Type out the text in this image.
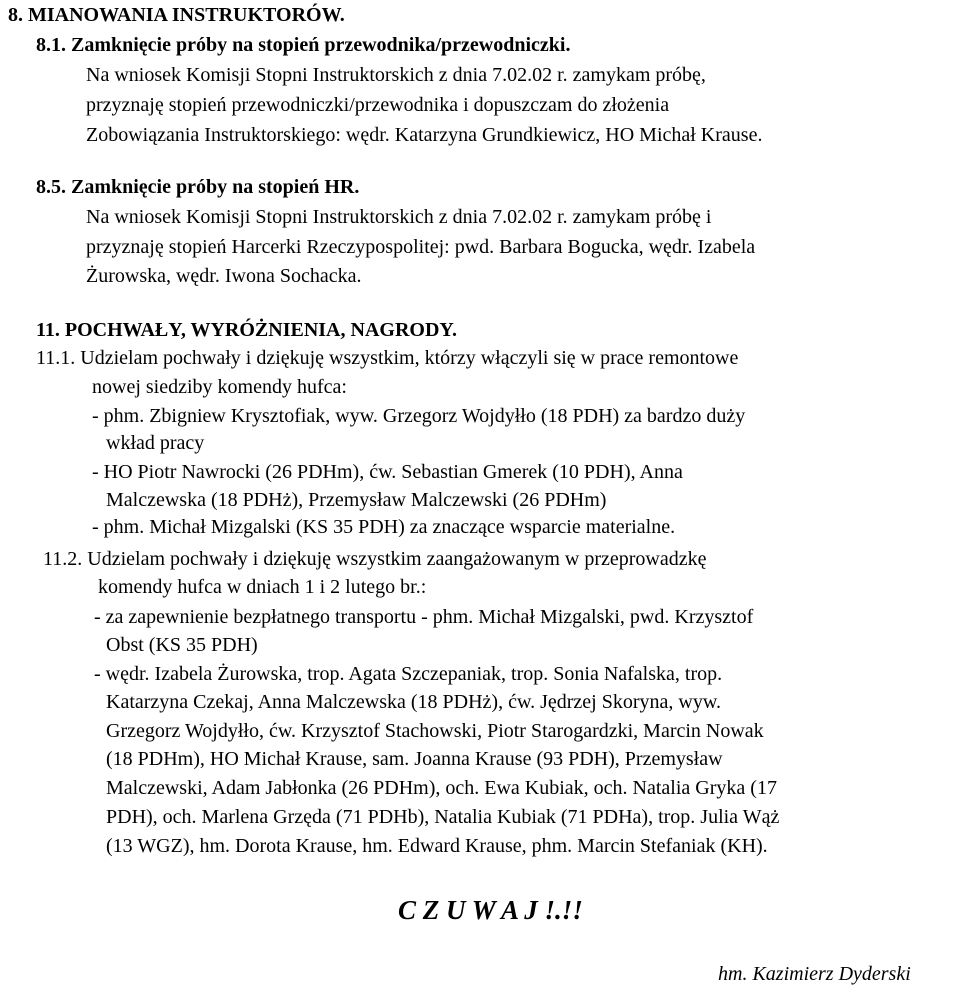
8. MIANOWANIA INSTRUKTORÓW.
8.1. Zamknięcie próby na stopień przewodnika/przewodniczki.
Na wniosek Komisji Stopni Instruktorskich z dnia 7.02.02 r. zamykam próbę,
przyznaję stopień przewodniczki/przewodnika i dopuszczam do złożenia
Zobowiązania Instruktorskiego: wędr. Katarzyna Grundkiewicz, HO Michał Krause.
8.5. Zamknięcie próby na stopień HR.
Na wniosek Komisji Stopni Instruktorskich z dnia 7.02.02 r. zamykam próbę i
przyznaję stopień Harcerki Rzeczypospolitej: pwd. Barbara Bogucka, wędr. Izabela
Żurowska, wędr. Iwona Sochacka.
11. POCHWAŁY, WYRÓŻNIENIA, NAGRODY.
11.1. Udzielam pochwały i dziękuję wszystkim, którzy włączyli się w prace remontowe
nowej siedziby komendy hufca:
- phm. Zbigniew Krysztofiak, wyw. Grzegorz Wojdyłło (18 PDH) za bardzo duży
wkład pracy
- HO Piotr Nawrocki (26 PDHm), ćw. Sebastian Gmerek (10 PDH), Anna
Malczewska (18 PDHż), Przemysław Malczewski (26 PDHm)
- phm. Michał Mizgalski (KS 35 PDH) za znaczące wsparcie materialne.
11.2. Udzielam pochwały i dziękuję wszystkim zaangażowanym w przeprowadzkę
komendy hufca w dniach 1 i 2 lutego br.:
- za zapewnienie bezpłatnego transportu - phm. Michał Mizgalski, pwd. Krzysztof
Obst (KS 35 PDH)
- wędr. Izabela Żurowska, trop. Agata Szczepaniak, trop. Sonia Nafalska, trop.
Katarzyna Czekaj, Anna Malczewska (18 PDHż), ćw. Jędrzej Skoryna, wyw.
Grzegorz Wojdyłło, ćw. Krzysztof Stachowski, Piotr Starogardzki, Marcin Nowak
(18 PDHm), HO Michał Krause, sam. Joanna Krause (93 PDH), Przemysław
Malczewski, Adam Jabłonka (26 PDHm), och. Ewa Kubiak, och. Natalia Gryka (17
PDH), och. Marlena Grzęda (71 PDHb), Natalia Kubiak (71 PDHa), trop. Julia Wąż
(13 WGZ), hm. Dorota Krause, hm. Edward Krause, phm. Marcin Stefaniak (KH).
C Z U W A J !.!!
hm. Kazimierz Dyderski
